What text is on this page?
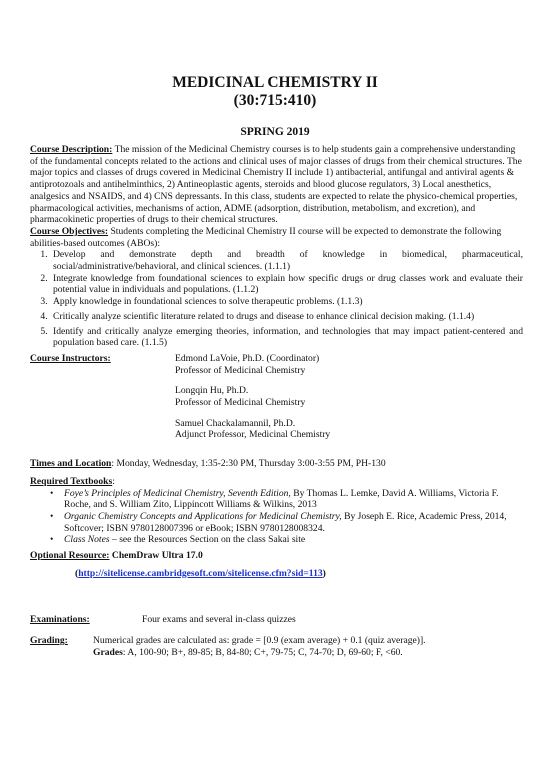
MEDICINAL CHEMISTRY II

(30:715:410)

SPRING 2019

Course Description: The mission of the Medicinal Chemistry courses is to help students gain a comprehensive understanding of the fundamental concepts related to the actions and clinical uses of major classes of drugs from their chemical structures. The major topics and classes of drugs covered in Medicinal Chemistry II include 1) antibacterial, antifungal and antiviral agents & antiprotozoals and antihelminthics, 2) Antineoplastic agents, steroids and blood glucose regulators, 3) Local anesthetics, analgesics and NSAIDS, and 4) CNS depressants. In this class, students are expected to relate the physico-chemical properties, pharmacological activities, mechanisms of action, ADME (adsorption, distribution, metabolism, and excretion), and pharmacokinetic properties of drugs to their chemical structures.

Course Objectives: Students completing the Medicinal Chemistry II course will be expected to demonstrate the following abilities-based outcomes (ABOs):

1. Develop and demonstrate depth and breadth of knowledge in biomedical, pharmaceutical, social/administrative/behavioral, and clinical sciences. (1.1.1)
2. Integrate knowledge from foundational sciences to explain how specific drugs or drug classes work and evaluate their potential value in individuals and populations. (1.1.2)
3. Apply knowledge in foundational sciences to solve therapeutic problems. (1.1.3)
4. Critically analyze scientific literature related to drugs and disease to enhance clinical decision making. (1.1.4)
5. Identify and critically analyze emerging theories, information, and technologies that may impact patient-centered and population based care. (1.1.5)
Course Instructors:	Edmond LaVoie, Ph.D. (Coordinator)
Professor of Medicinal Chemistry
Longqin Hu, Ph.D.
Professor of Medicinal Chemistry
Samuel Chackalamannil, Ph.D.
Adjunct Professor, Medicinal Chemistry

Times and Location: Monday, Wednesday, 1:35-2:30 PM, Thursday 3:00-3:55 PM, PH-130

Required Textbooks:

• Foye’s Principles of Medicinal Chemistry, Seventh Edition, By Thomas L. Lemke, David A. Williams, Victoria F. Roche, and S. William Zito, Lippincott Williams & Wilkins, 2013
• Organic Chemistry Concepts and Applications for Medicinal Chemistry, By Joseph E. Rice, Academic Press, 2014, Softcover; ISBN 9780128007396 or eBook; ISBN 9780128008324.
• Class Notes – see the Resources Section on the class Sakai site

Optional Resource: ChemDraw Ultra 17.0

(http://sitelicense.cambridgesoft.com/sitelicense.cfm?sid=113)

Examinations:	Four exams and several in-class quizzes
Grading:	Numerical grades are calculated as: grade = [0.9 (exam average) + 0.1 (quiz average)].
Grades: A, 100-90; B+, 89-85; B, 84-80; C+, 79-75; C, 74-70; D, 69-60; F, <60.
